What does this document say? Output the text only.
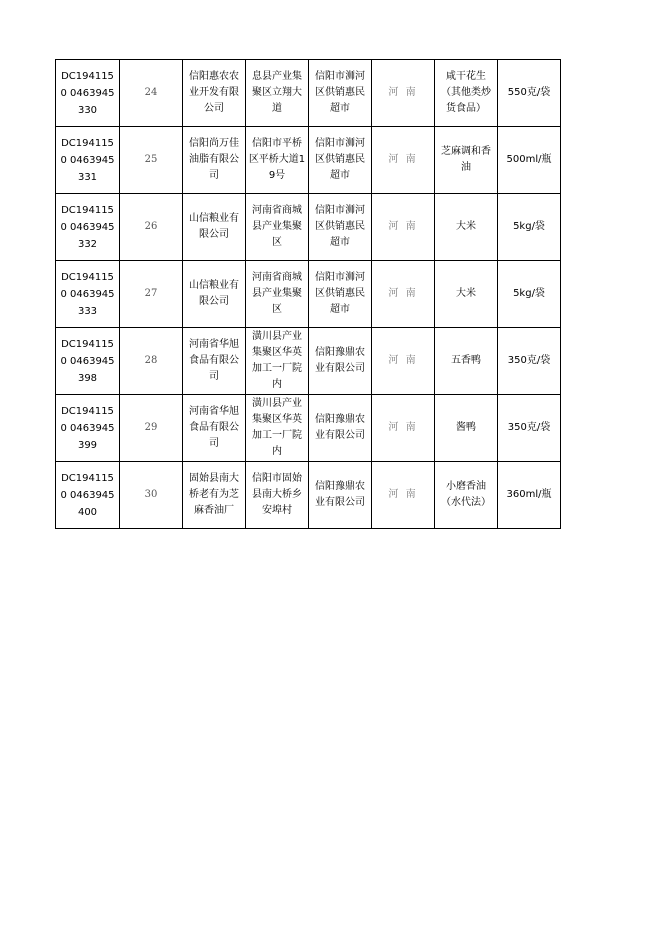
DC1941150 0463945330	24	信阳惠农农业开发有限公司	息县产业集聚区立翔大道	信阳市浉河区供销惠民超市	河 南	咸干花生（其他类炒货食品）	550克/袋
DC1941150 0463945331	25	信阳尚万佳油脂有限公司	信阳市平桥区平桥大道19号	信阳市浉河区供销惠民超市	河 南	芝麻调和香油	500ml/瓶
DC1941150 0463945332	26	山信粮业有限公司	河南省商城县产业集聚区	信阳市浉河区供销惠民超市	河 南	大米	5kg/袋
DC1941150 0463945333	27	山信粮业有限公司	河南省商城县产业集聚区	信阳市浉河区供销惠民超市	河 南	大米	5kg/袋
DC1941150 0463945398	28	河南省华旭食品有限公司	潢川县产业集聚区华英加工一厂院内	信阳豫鼎农业有限公司	河 南	五香鸭	350克/袋
DC1941150 0463945399	29	河南省华旭食品有限公司	潢川县产业集聚区华英加工一厂院内	信阳豫鼎农业有限公司	河 南	酱鸭	350克/袋
DC1941150 0463945400	30	固始县南大桥老有为芝麻香油厂	信阳市固始县南大桥乡安埠村	信阳豫鼎农业有限公司	河 南	小磨香油（水代法）	360ml/瓶
